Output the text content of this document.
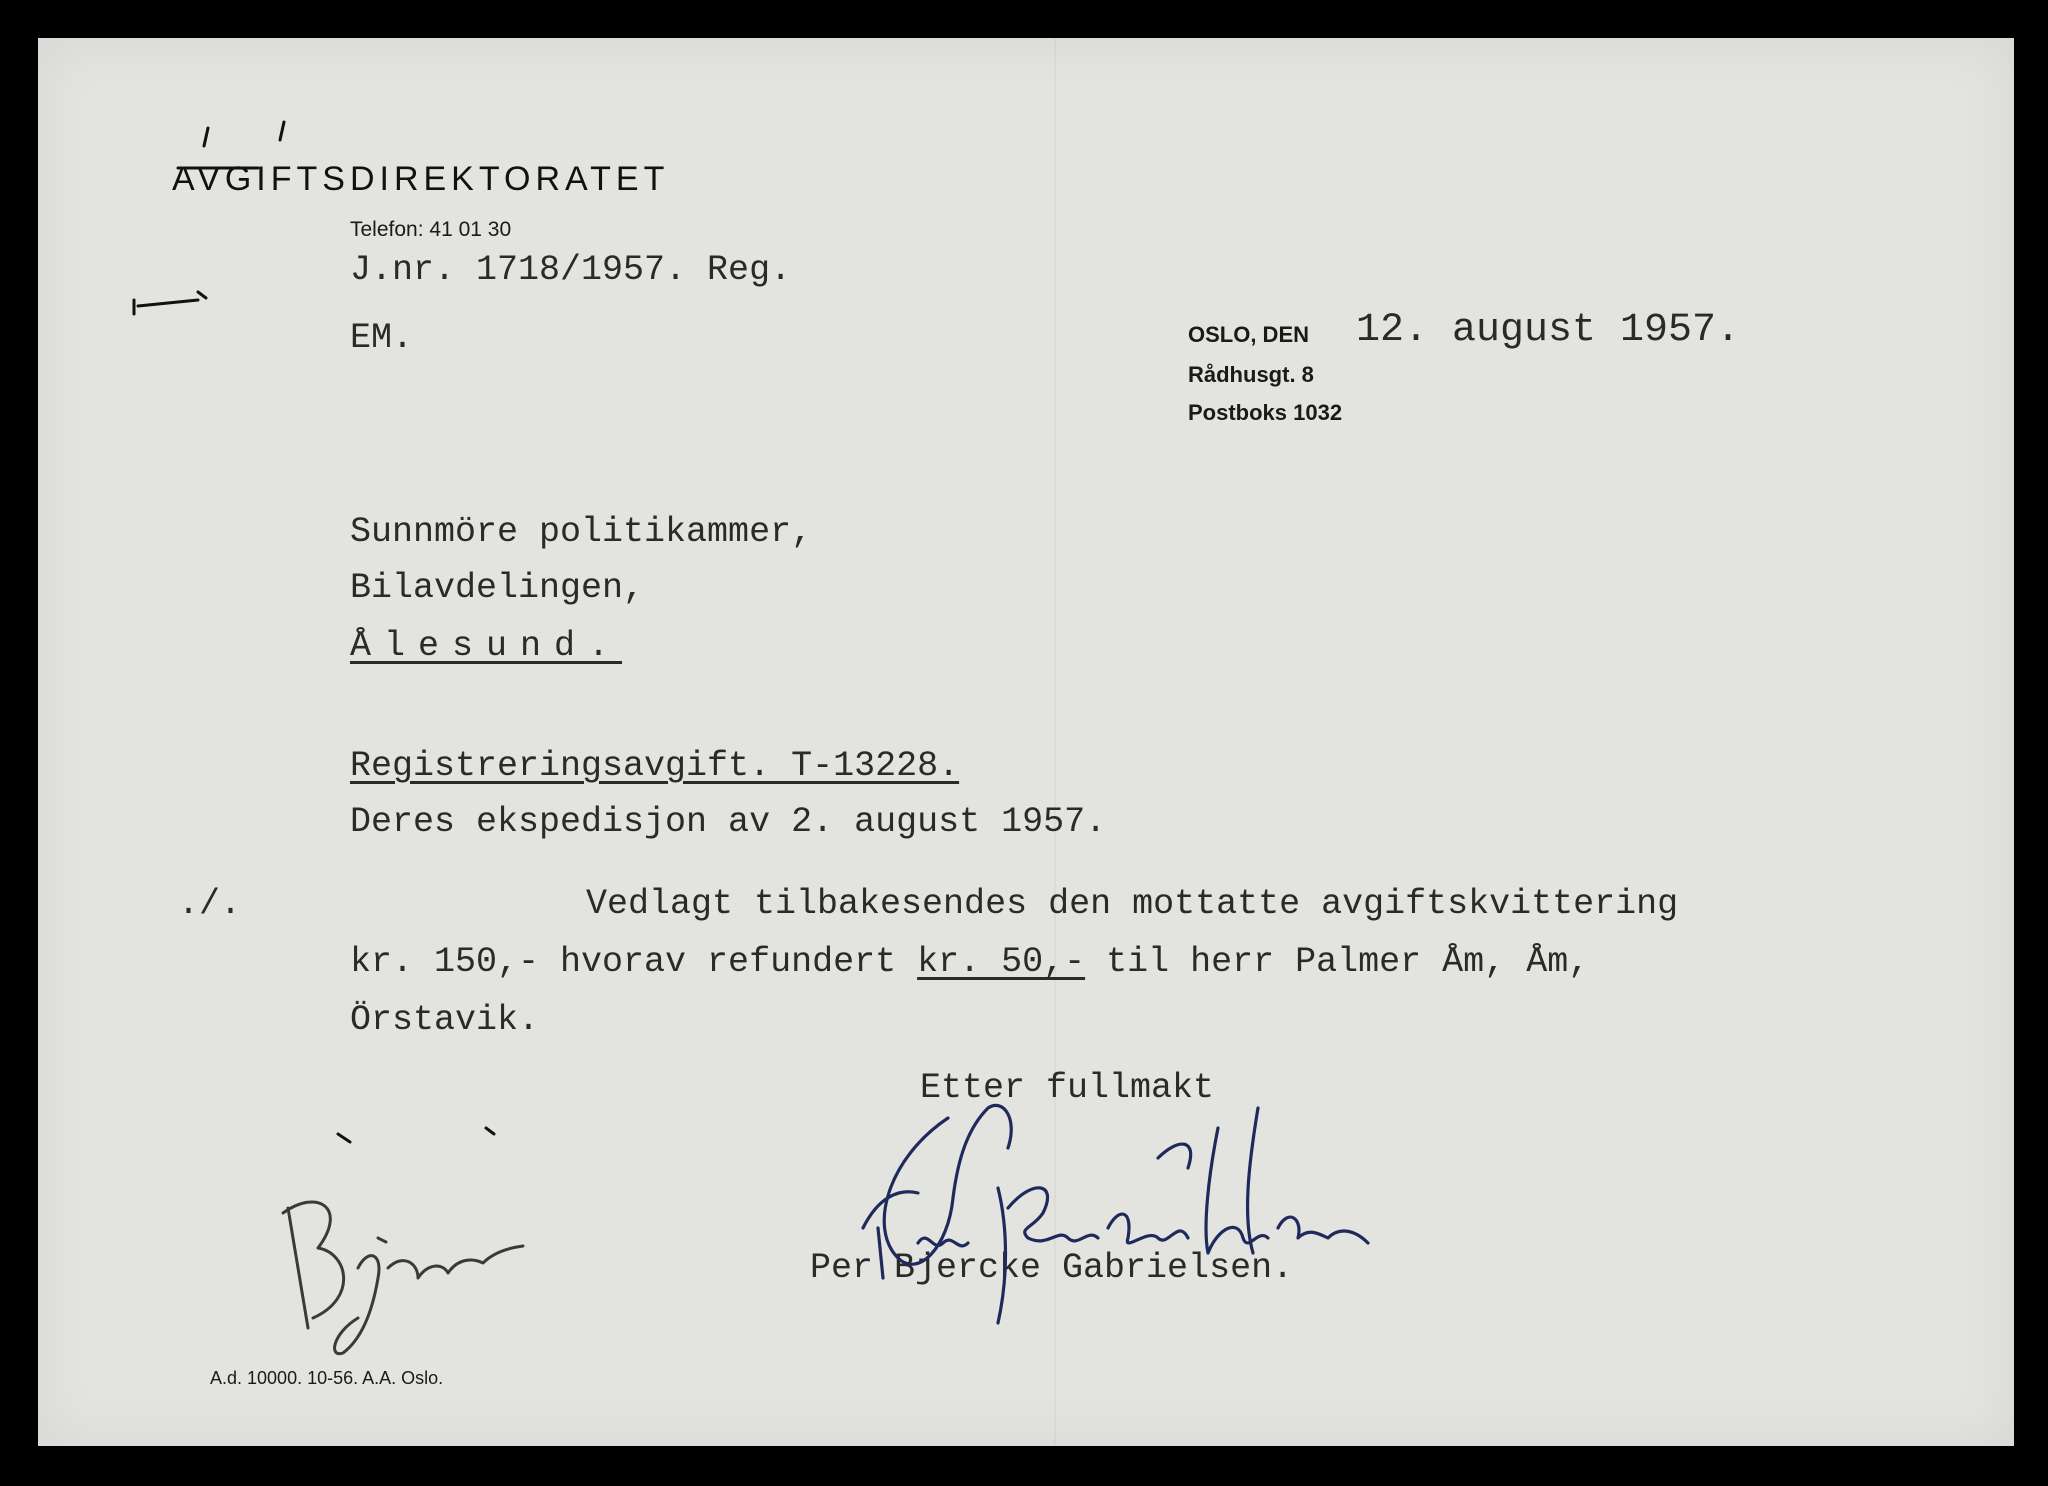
AVGIFTSDIREKTORATET
Telefon: 41 01 30
J.nr. 1718/1957. Reg.
EM.	OSLO, DEN 12. august 1957.
Rådhusgt. 8
Postboks 1032
Sunnmöre politikammer,
Bilavdelingen,
Ålesund.
Registreringsavgift. T-13228.
Deres ekspedisjon av 2. august 1957.
./.	Vedlagt tilbakesendes den mottatte avgiftskvittering
kr. 150,- hvorav refundert kr. 50,- til herr Palmer Åm, Åm,
Örstavik.
Etter fullmakt
Per Bjercke Gabrielsen.
A.d. 10000. 10-56. A.A. Oslo.
